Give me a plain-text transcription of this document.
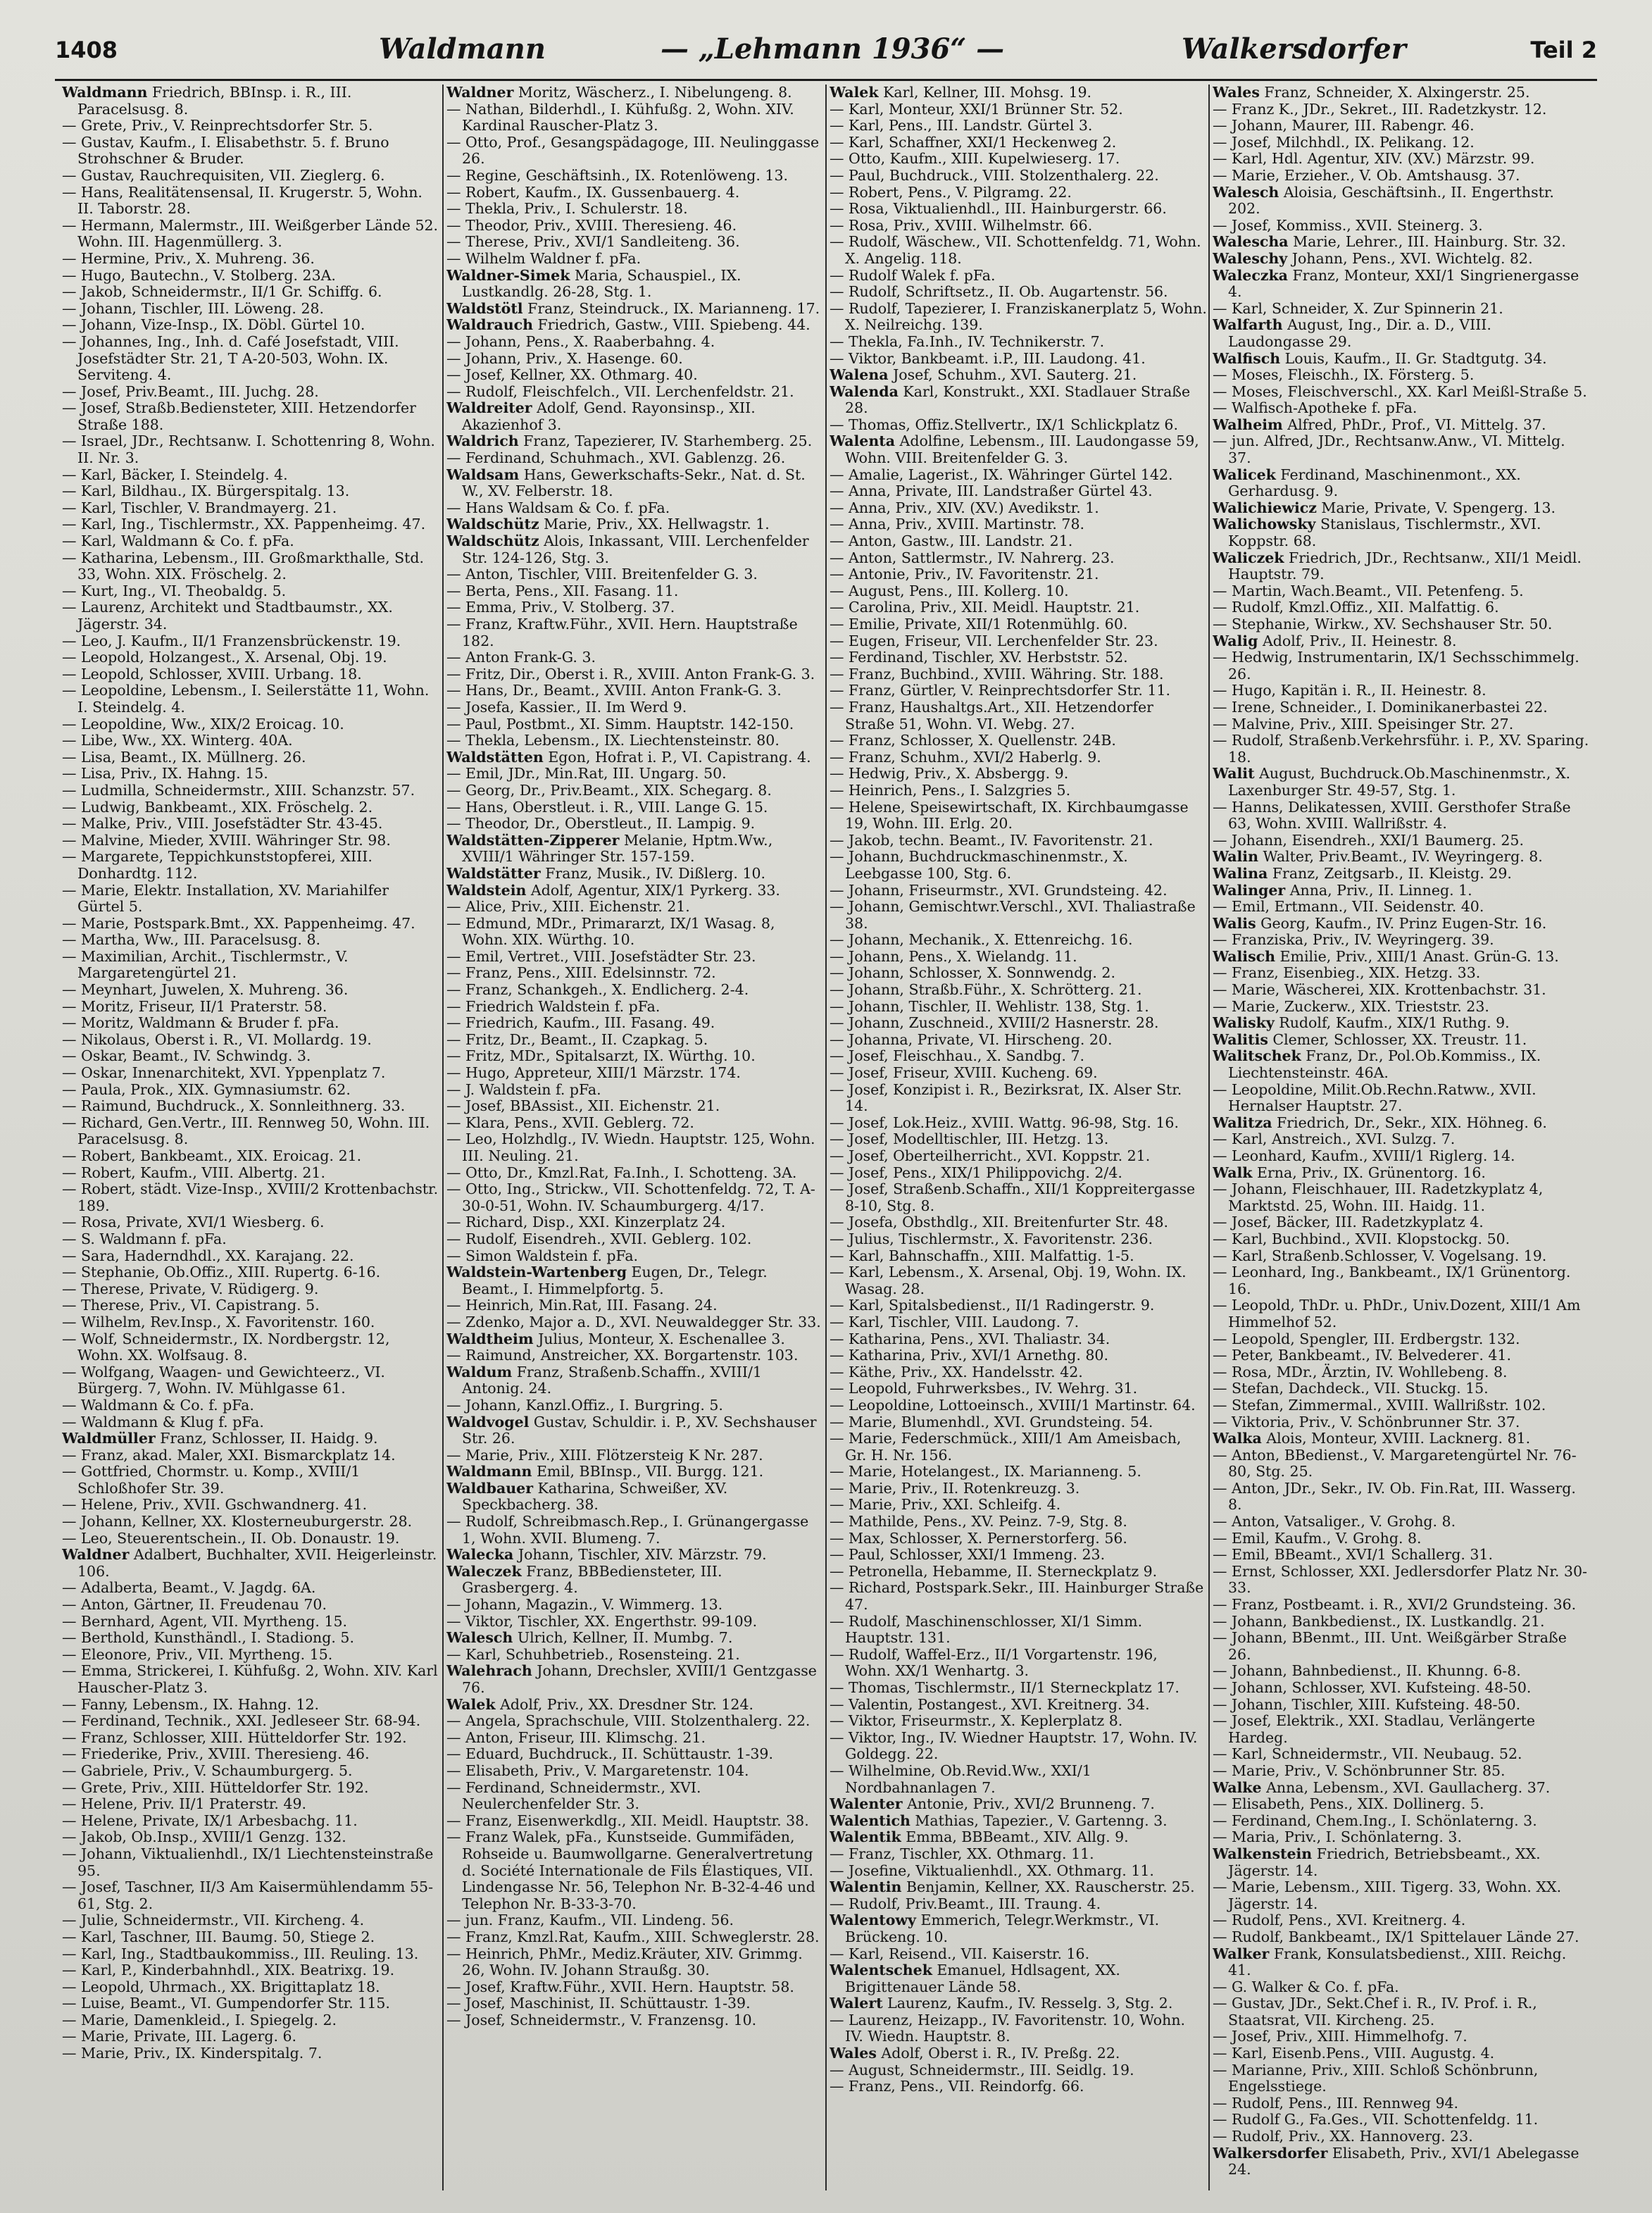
1408	Waldmann	— „Lehmann 1936“ —	Walkersdorfer	Teil 2

Waldmann Friedrich, BBInsp. i. R., III. Paracelsusg. 8.

— Grete, Priv., V. Reinprechtsdorfer Str. 5.

— Gustav, Kaufm., I. Elisabethstr. 5. f. Bruno Strohschner & Bruder.

— Gustav, Rauchrequisiten, VII. Zieglerg. 6.

— Hans, Realitätensensal, II. Krugerstr. 5, Wohn. II. Taborstr. 28.

— Hermann, Malermstr., III. Weißgerber Lände 52. Wohn. III. Hagenmüllerg. 3.

— Hermine, Priv., X. Muhreng. 36.

— Hugo, Bautechn., V. Stolberg. 23A.

— Jakob, Schneidermstr., II/1 Gr. Schiffg. 6.

— Johann, Tischler, III. Löweng. 28.

— Johann, Vize-Insp., IX. Döbl. Gürtel 10.

— Johannes, Ing., Inh. d. Café Josefstadt, VIII. Josefstädter Str. 21, T A-20-503, Wohn. IX. Serviteng. 4.

— Josef, Priv.Beamt., III. Juchg. 28.

— Josef, Straßb.Bediensteter, XIII. Hetzendorfer Straße 188.

— Israel, JDr., Rechtsanw. I. Schottenring 8, Wohn. II. Nr. 3.

— Karl, Bäcker, I. Steindelg. 4.

— Karl, Bildhau., IX. Bürgerspitalg. 13.

— Karl, Tischler, V. Brandmayerg. 21.

— Karl, Ing., Tischlermstr., XX. Pappenheimg. 47.

— Karl, Waldmann & Co. f. pFa.

— Katharina, Lebensm., III. Großmarkthalle, Std. 33, Wohn. XIX. Fröschelg. 2.

— Kurt, Ing., VI. Theobaldg. 5.

— Laurenz, Architekt und Stadtbaumstr., XX. Jägerstr. 34.

— Leo, J. Kaufm., II/1 Franzensbrückenstr. 19.

— Leopold, Holzangest., X. Arsenal, Obj. 19.

— Leopold, Schlosser, XVIII. Urbang. 18.

— Leopoldine, Lebensm., I. Seilerstätte 11, Wohn. I. Steindelg. 4.

— Leopoldine, Ww., XIX/2 Eroicag. 10.

— Libe, Ww., XX. Winterg. 40A.

— Lisa, Beamt., IX. Müllnerg. 26.

— Lisa, Priv., IX. Hahng. 15.

— Ludmilla, Schneidermstr., XIII. Schanzstr. 57.

— Ludwig, Bankbeamt., XIX. Fröschelg. 2.

— Malke, Priv., VIII. Josefstädter Str. 43-45.

— Malvine, Mieder, XVIII. Währinger Str. 98.

— Margarete, Teppichkunststopferei, XIII. Donhardtg. 112.

— Marie, Elektr. Installation, XV. Mariahilfer Gürtel 5.

— Marie, Postspark.Bmt., XX. Pappenheimg. 47.

— Martha, Ww., III. Paracelsusg. 8.

— Maximilian, Archit., Tischlermstr., V. Margaretengürtel 21.

— Meynhart, Juwelen, X. Muhreng. 36.

— Moritz, Friseur, II/1 Praterstr. 58.

— Moritz, Waldmann & Bruder f. pFa.

— Nikolaus, Oberst i. R., VI. Mollardg. 19.

— Oskar, Beamt., IV. Schwindg. 3.

— Oskar, Innenarchitekt, XVI. Yppenplatz 7.

— Paula, Prok., XIX. Gymnasiumstr. 62.

— Raimund, Buchdruck., X. Sonnleithnerg. 33.

— Richard, Gen.Vertr., III. Rennweg 50, Wohn. III. Paracelsusg. 8.

— Robert, Bankbeamt., XIX. Eroicag. 21.

— Robert, Kaufm., VIII. Albertg. 21.

— Robert, städt. Vize-Insp., XVIII/2 Krottenbachstr. 189.

— Rosa, Private, XVI/1 Wiesberg. 6.

— S. Waldmann f. pFa.

— Sara, Haderndhdl., XX. Karajang. 22.

— Stephanie, Ob.Offiz., XIII. Rupertg. 6-16.

— Therese, Private, V. Rüdigerg. 9.

— Therese, Priv., VI. Capistrang. 5.

— Wilhelm, Rev.Insp., X. Favoritenstr. 160.

— Wolf, Schneidermstr., IX. Nordbergstr. 12, Wohn. XX. Wolfsaug. 8.

— Wolfgang, Waagen- und Gewichteerz., VI. Bürgerg. 7, Wohn. IV. Mühlgasse 61.

— Waldmann & Co. f. pFa.

— Waldmann & Klug f. pFa.

Waldmüller Franz, Schlosser, II. Haidg. 9.

— Franz, akad. Maler, XXI. Bismarckplatz 14.

— Gottfried, Chormstr. u. Komp., XVIII/1 Schloßhofer Str. 39.

— Helene, Priv., XVII. Gschwandnerg. 41.

— Johann, Kellner, XX. Klosterneuburgerstr. 28.

— Leo, Steuerentschein., II. Ob. Donaustr. 19.

Waldner Adalbert, Buchhalter, XVII. Heigerleinstr. 106.

— Adalberta, Beamt., V. Jagdg. 6A.

— Anton, Gärtner, II. Freudenau 70.

— Bernhard, Agent, VII. Myrtheng. 15.

— Berthold, Kunsthändl., I. Stadiong. 5.

— Eleonore, Priv., VII. Myrtheng. 15.

— Emma, Strickerei, I. Kühfußg. 2, Wohn. XIV. Karl Hauscher-Platz 3.

— Fanny, Lebensm., IX. Hahng. 12.

— Ferdinand, Technik., XXI. Jedleseer Str. 68-94.

— Franz, Schlosser, XIII. Hütteldorfer Str. 192.

— Friederike, Priv., XVIII. Theresieng. 46.

— Gabriele, Priv., V. Schaumburgerg. 5.

— Grete, Priv., XIII. Hütteldorfer Str. 192.

— Helene, Priv. II/1 Praterstr. 49.

— Helene, Private, IX/1 Arbesbachg. 11.

— Jakob, Ob.Insp., XVIII/1 Genzg. 132.

— Johann, Viktualienhdl., IX/1 Liechtensteinstraße 95.

— Josef, Taschner, II/3 Am Kaisermühlendamm 55-61, Stg. 2.

— Julie, Schneidermstr., VII. Kircheng. 4.

— Karl, Taschner, III. Baumg. 50, Stiege 2.

— Karl, Ing., Stadtbaukommiss., III. Reuling. 13.

— Karl, P., Kinderbahnhdl., XIX. Beatrixg. 19.

— Leopold, Uhrmach., XX. Brigittaplatz 18.

— Luise, Beamt., VI. Gumpendorfer Str. 115.

— Marie, Damenkleid., I. Spiegelg. 2.

— Marie, Private, III. Lagerg. 6.

— Marie, Priv., IX. Kinderspitalg. 7.

Waldner Moritz, Wäscherz., I. Nibelungeng. 8.

— Nathan, Bilderhdl., I. Kühfußg. 2, Wohn. XIV. Kardinal Rauscher-Platz 3.

— Otto, Prof., Gesangspädagoge, III. Neulinggasse 26.

— Regine, Geschäftsinh., IX. Rotenlöweng. 13.

— Robert, Kaufm., IX. Gussenbauerg. 4.

— Thekla, Priv., I. Schulerstr. 18.

— Theodor, Priv., XVIII. Theresieng. 46.

— Therese, Priv., XVI/1 Sandleiteng. 36.

— Wilhelm Waldner f. pFa.

Waldner-Simek Maria, Schauspiel., IX. Lustkandlg. 26-28, Stg. 1.

Waldstötl Franz, Steindruck., IX. Marianneng. 17.

Waldrauch Friedrich, Gastw., VIII. Spiebeng. 44.

— Johann, Pens., X. Raaberbahng. 4.

— Johann, Priv., X. Hasenge. 60.

— Josef, Kellner, XX. Othmarg. 40.

— Rudolf, Fleischfelch., VII. Lerchenfeldstr. 21.

Waldreiter Adolf, Gend. Rayonsinsp., XII. Akazienhof 3.

Waldrich Franz, Tapezierer, IV. Starhemberg. 25.

— Ferdinand, Schuhmach., XVI. Gablenzg. 26.

Waldsam Hans, Gewerkschafts-Sekr., Nat. d. St. W., XV. Felberstr. 18.

— Hans Waldsam & Co. f. pFa.

Waldschütz Marie, Priv., XX. Hellwagstr. 1.

Waldschütz Alois, Inkassant, VIII. Lerchenfelder Str. 124-126, Stg. 3.

— Anton, Tischler, VIII. Breitenfelder G. 3.

— Berta, Pens., XII. Fasang. 11.

— Emma, Priv., V. Stolberg. 37.

— Franz, Kraftw.Führ., XVII. Hern. Hauptstraße 182.

— Anton Frank-G. 3.

— Fritz, Dir., Oberst i. R., XVIII. Anton Frank-G. 3.

— Hans, Dr., Beamt., XVIII. Anton Frank-G. 3.

— Josefa, Kassier., II. Im Werd 9.

— Paul, Postbmt., XI. Simm. Hauptstr. 142-150.

— Thekla, Lebensm., IX. Liechtensteinstr. 80.

Waldstätten Egon, Hofrat i. P., VI. Capistrang. 4.

— Emil, JDr., Min.Rat, III. Ungarg. 50.

— Georg, Dr., Priv.Beamt., XIX. Schegarg. 8.

— Hans, Oberstleut. i. R., VIII. Lange G. 15.

— Theodor, Dr., Oberstleut., II. Lampig. 9.

Waldstätten-Zipperer Melanie, Hptm.Ww., XVIII/1 Währinger Str. 157-159.

Waldstätter Franz, Musik., IV. Dißlerg. 10.

Waldstein Adolf, Agentur, XIX/1 Pyrkerg. 33.

— Alice, Priv., XIII. Eichenstr. 21.

— Edmund, MDr., Primararzt, IX/1 Wasag. 8, Wohn. XIX. Würthg. 10.

— Emil, Vertret., VIII. Josefstädter Str. 23.

— Franz, Pens., XIII. Edelsinnstr. 72.

— Franz, Schankgeh., X. Endlicherg. 2-4.

— Friedrich Waldstein f. pFa.

— Friedrich, Kaufm., III. Fasang. 49.

— Fritz, Dr., Beamt., II. Czapkag. 5.

— Fritz, MDr., Spitalsarzt, IX. Würthg. 10.

— Hugo, Appreteur, XIII/1 Märzstr. 174.

— J. Waldstein f. pFa.

— Josef, BBAssist., XII. Eichenstr. 21.

— Klara, Pens., XVII. Geblerg. 72.

— Leo, Holzhdlg., IV. Wiedn. Hauptstr. 125, Wohn. III. Neuling. 21.

— Otto, Dr., Kmzl.Rat, Fa.Inh., I. Schotteng. 3A.

— Otto, Ing., Strickw., VII. Schottenfeldg. 72, T. A-30-0-51, Wohn. IV. Schaumburgerg. 4/17.

— Richard, Disp., XXI. Kinzerplatz 24.

— Rudolf, Eisendreh., XVII. Geblerg. 102.

— Simon Waldstein f. pFa.

Waldstein-Wartenberg Eugen, Dr., Telegr. Beamt., I. Himmelpfortg. 5.

— Heinrich, Min.Rat, III. Fasang. 24.

— Zdenko, Major a. D., XVI. Neuwaldegger Str. 33.

Waldtheim Julius, Monteur, X. Eschenallee 3.

— Raimund, Anstreicher, XX. Borgartenstr. 103.

Waldum Franz, Straßenb.Schaffn., XVIII/1 Antonig. 24.

— Johann, Kanzl.Offiz., I. Burgring. 5.

Waldvogel Gustav, Schuldir. i. P., XV. Sechshauser Str. 26.

— Marie, Priv., XIII. Flötzersteig K Nr. 287.

Waldmann Emil, BBInsp., VII. Burgg. 121.

Waldbauer Katharina, Schweißer, XV. Speckbacherg. 38.

— Rudolf, Schreibmasch.Rep., I. Grünangergasse 1, Wohn. XVII. Blumeng. 7.

Walecka Johann, Tischler, XIV. Märzstr. 79.

Waleczek Franz, BBBediensteter, III. Grasbergerg. 4.

— Johann, Magazin., V. Wimmerg. 13.

— Viktor, Tischler, XX. Engerthstr. 99-109.

Walesch Ulrich, Kellner, II. Mumbg. 7.

— Karl, Schuhbetrieb., Rosensteing. 21.

Walehrach Johann, Drechsler, XVIII/1 Gentzgasse 76.

Walek Adolf, Priv., XX. Dresdner Str. 124.

— Angela, Sprachschule, VIII. Stolzenthalerg. 22.

— Anton, Friseur, III. Klimschg. 21.

— Eduard, Buchdruck., II. Schüttaustr. 1-39.

— Elisabeth, Priv., V. Margaretenstr. 104.

— Ferdinand, Schneidermstr., XVI. Neulerchenfelder Str. 3.

— Franz, Eisenwerkdlg., XII. Meidl. Hauptstr. 38.

— Franz Walek, pFa., Kunstseide. Gummifäden, Rohseide u. Baumwollgarne. Generalvertretung d. Société Internationale de Fils Élastiques, VII. Lindengasse Nr. 56, Telephon Nr. B-32-4-46 und Telephon Nr. B-33-3-70.

— jun. Franz, Kaufm., VII. Lindeng. 56.

— Franz, Kmzl.Rat, Kaufm., XIII. Schweglerstr. 28.

— Heinrich, PhMr., Mediz.Kräuter, XIV. Grimmg. 26, Wohn. IV. Johann Straußg. 30.

— Josef, Kraftw.Führ., XVII. Hern. Hauptstr. 58.

— Josef, Maschinist, II. Schüttaustr. 1-39.

— Josef, Schneidermstr., V. Franzensg. 10.

Walek Karl, Kellner, III. Mohsg. 19.

— Karl, Monteur, XXI/1 Brünner Str. 52.

— Karl, Pens., III. Landstr. Gürtel 3.

— Karl, Schaffner, XXI/1 Heckenweg 2.

— Otto, Kaufm., XIII. Kupelwieserg. 17.

— Paul, Buchdruck., VIII. Stolzenthalerg. 22.

— Robert, Pens., V. Pilgramg. 22.

— Rosa, Viktualienhdl., III. Hainburgerstr. 66.

— Rosa, Priv., XVIII. Wilhelmstr. 66.

— Rudolf, Wäschew., VII. Schottenfeldg. 71, Wohn. X. Angelig. 118.

— Rudolf Walek f. pFa.

— Rudolf, Schriftsetz., II. Ob. Augartenstr. 56.

— Rudolf, Tapezierer, I. Franziskanerplatz 5, Wohn. X. Neilreichg. 139.

— Thekla, Fa.Inh., IV. Technikerstr. 7.

— Viktor, Bankbeamt. i.P., III. Laudong. 41.

Walena Josef, Schuhm., XVI. Sauterg. 21.

Walenda Karl, Konstrukt., XXI. Stadlauer Straße 28.

— Thomas, Offiz.Stellvertr., IX/1 Schlickplatz 6.

Walenta Adolfine, Lebensm., III. Laudongasse 59, Wohn. VIII. Breitenfelder G. 3.

— Amalie, Lagerist., IX. Währinger Gürtel 142.

— Anna, Private, III. Landstraßer Gürtel 43.

— Anna, Priv., XIV. (XV.) Avedikstr. 1.

— Anna, Priv., XVIII. Martinstr. 78.

— Anton, Gastw., III. Landstr. 21.

— Anton, Sattlermstr., IV. Nahrerg. 23.

— Antonie, Priv., IV. Favoritenstr. 21.

— August, Pens., III. Kollerg. 10.

— Carolina, Priv., XII. Meidl. Hauptstr. 21.

— Emilie, Private, XII/1 Rotenmühlg. 60.

— Eugen, Friseur, VII. Lerchenfelder Str. 23.

— Ferdinand, Tischler, XV. Herbststr. 52.

— Franz, Buchbind., XVIII. Währing. Str. 188.

— Franz, Gürtler, V. Reinprechtsdorfer Str. 11.

— Franz, Haushaltgs.Art., XII. Hetzendorfer Straße 51, Wohn. VI. Webg. 27.

— Franz, Schlosser, X. Quellenstr. 24B.

— Franz, Schuhm., XVI/2 Haberlg. 9.

— Hedwig, Priv., X. Absbergg. 9.

— Heinrich, Pens., I. Salzgries 5.

— Helene, Speisewirtschaft, IX. Kirchbaumgasse 19, Wohn. III. Erlg. 20.

— Jakob, techn. Beamt., IV. Favoritenstr. 21.

— Johann, Buchdruckmaschinenmstr., X. Leebgasse 100, Stg. 6.

— Johann, Friseurmstr., XVI. Grundsteing. 42.

— Johann, Gemischtwr.Verschl., XVI. Thaliastraße 38.

— Johann, Mechanik., X. Ettenreichg. 16.

— Johann, Pens., X. Wielandg. 11.

— Johann, Schlosser, X. Sonnwendg. 2.

— Johann, Straßb.Führ., X. Schrötterg. 21.

— Johann, Tischler, II. Wehlistr. 138, Stg. 1.

— Johann, Zuschneid., XVIII/2 Hasnerstr. 28.

— Johanna, Private, VI. Hirscheng. 20.

— Josef, Fleischhau., X. Sandbg. 7.

— Josef, Friseur, XVIII. Kucheng. 69.

— Josef, Konzipist i. R., Bezirksrat, IX. Alser Str. 14.

— Josef, Lok.Heiz., XVIII. Wattg. 96-98, Stg. 16.

— Josef, Modelltischler, III. Hetzg. 13.

— Josef, Oberteilherricht., XVI. Koppstr. 21.

— Josef, Pens., XIX/1 Philippovichg. 2/4.

— Josef, Straßenb.Schaffn., XII/1 Koppreitergasse 8-10, Stg. 8.

— Josefa, Obsthdlg., XII. Breitenfurter Str. 48.

— Julius, Tischlermstr., X. Favoritenstr. 236.

— Karl, Bahnschaffn., XIII. Malfattig. 1-5.

— Karl, Lebensm., X. Arsenal, Obj. 19, Wohn. IX. Wasag. 28.

— Karl, Spitalsbedienst., II/1 Radingerstr. 9.

— Karl, Tischler, VIII. Laudong. 7.

— Katharina, Pens., XVI. Thaliastr. 34.

— Katharina, Priv., XVI/1 Arnethg. 80.

— Käthe, Priv., XX. Handelsstr. 42.

— Leopold, Fuhrwerksbes., IV. Wehrg. 31.

— Leopoldine, Lottoeinsch., XVIII/1 Martinstr. 64.

— Marie, Blumenhdl., XVI. Grundsteing. 54.

— Marie, Federschmück., XIII/1 Am Ameisbach, Gr. H. Nr. 156.

— Marie, Hotelangest., IX. Marianneng. 5.

— Marie, Priv., II. Rotenkreuzg. 3.

— Marie, Priv., XXI. Schleifg. 4.

— Mathilde, Pens., XV. Peinz. 7-9, Stg. 8.

— Max, Schlosser, X. Pernerstorferg. 56.

— Paul, Schlosser, XXI/1 Immeng. 23.

— Petronella, Hebamme, II. Sterneckplatz 9.

— Richard, Postspark.Sekr., III. Hainburger Straße 47.

— Rudolf, Maschinenschlosser, XI/1 Simm. Hauptstr. 131.

— Rudolf, Waffel-Erz., II/1 Vorgartenstr. 196, Wohn. XX/1 Wenhartg. 3.

— Thomas, Tischlermstr., II/1 Sterneckplatz 17.

— Valentin, Postangest., XVI. Kreitnerg. 34.

— Viktor, Friseurmstr., X. Keplerplatz 8.

— Viktor, Ing., IV. Wiedner Hauptstr. 17, Wohn. IV. Goldegg. 22.

— Wilhelmine, Ob.Revid.Ww., XXI/1 Nordbahnanlagen 7.

Walenter Antonie, Priv., XVI/2 Brunneng. 7.

Walentich Mathias, Tapezier., V. Gartenng. 3.

Walentik Emma, BBBeamt., XIV. Allg. 9.

— Franz, Tischler, XX. Othmarg. 11.

— Josefine, Viktualienhdl., XX. Othmarg. 11.

Walentin Benjamin, Kellner, XX. Rauscherstr. 25.

— Rudolf, Priv.Beamt., III. Traung. 4.

Walentowy Emmerich, Telegr.Werkmstr., VI. Brückeng. 10.

— Karl, Reisend., VII. Kaiserstr. 16.

Walentschek Emanuel, Hdlsagent, XX. Brigittenauer Lände 58.

Walert Laurenz, Kaufm., IV. Resselg. 3, Stg. 2.

— Laurenz, Heizapp., IV. Favoritenstr. 10, Wohn. IV. Wiedn. Hauptstr. 8.

Wales Adolf, Oberst i. R., IV. Preßg. 22.

— August, Schneidermstr., III. Seidlg. 19.

— Franz, Pens., VII. Reindorfg. 66.

Wales Franz, Schneider, X. Alxingerstr. 25.

— Franz K., JDr., Sekret., III. Radetzkystr. 12.

— Johann, Maurer, III. Rabengr. 46.

— Josef, Milchhdl., IX. Pelikang. 12.

— Karl, Hdl. Agentur, XIV. (XV.) Märzstr. 99.

— Marie, Erzieher., V. Ob. Amtshausg. 37.

Walesch Aloisia, Geschäftsinh., II. Engerthstr. 202.

— Josef, Kommiss., XVII. Steinerg. 3.

Walescha Marie, Lehrer., III. Hainburg. Str. 32.

Waleschy Johann, Pens., XVI. Wichtelg. 82.

Waleczka Franz, Monteur, XXI/1 Singrienergasse 4.

— Karl, Schneider, X. Zur Spinnerin 21.

Walfarth August, Ing., Dir. a. D., VIII. Laudongasse 29.

Walfisch Louis, Kaufm., II. Gr. Stadtgutg. 34.

— Moses, Fleischh., IX. Försterg. 5.

— Moses, Fleischverschl., XX. Karl Meißl-Straße 5.

— Walfisch-Apotheke f. pFa.

Walheim Alfred, PhDr., Prof., VI. Mittelg. 37.

— jun. Alfred, JDr., Rechtsanw.Anw., VI. Mittelg. 37.

Walicek Ferdinand, Maschinenmont., XX. Gerhardusg. 9.

Walichiewicz Marie, Private, V. Spengerg. 13.

Walichowsky Stanislaus, Tischlermstr., XVI. Koppstr. 68.

Waliczek Friedrich, JDr., Rechtsanw., XII/1 Meidl. Hauptstr. 79.

— Martin, Wach.Beamt., VII. Petenfeng. 5.

— Rudolf, Kmzl.Offiz., XII. Malfattig. 6.

— Stephanie, Wirkw., XV. Sechshauser Str. 50.

Walig Adolf, Priv., II. Heinestr. 8.

— Hedwig, Instrumentarin, IX/1 Sechsschimmelg. 26.

— Hugo, Kapitän i. R., II. Heinestr. 8.

— Irene, Schneider., I. Dominikanerbastei 22.

— Malvine, Priv., XIII. Speisinger Str. 27.

— Rudolf, Straßenb.Verkehrsführ. i. P., XV. Sparing. 18.

Walit August, Buchdruck.Ob.Maschinenmstr., X. Laxenburger Str. 49-57, Stg. 1.

— Hanns, Delikatessen, XVIII. Gersthofer Straße 63, Wohn. XVIII. Wallrißstr. 4.

— Johann, Eisendreh., XXI/1 Baumerg. 25.

Walin Walter, Priv.Beamt., IV. Weyringerg. 8.

Walina Franz, Zeitgsarb., II. Kleistg. 29.

Walinger Anna, Priv., II. Linneg. 1.

— Emil, Ertmann., VII. Seidenstr. 40.

Walis Georg, Kaufm., IV. Prinz Eugen-Str. 16.

— Franziska, Priv., IV. Weyringerg. 39.

Walisch Emilie, Priv., XIII/1 Anast. Grün-G. 13.

— Franz, Eisenbieg., XIX. Hetzg. 33.

— Marie, Wäscherei, XIX. Krottenbachstr. 31.

— Marie, Zuckerw., XIX. Trieststr. 23.

Walisky Rudolf, Kaufm., XIX/1 Ruthg. 9.

Walitis Clemer, Schlosser, XX. Treustr. 11.

Walitschek Franz, Dr., Pol.Ob.Kommiss., IX. Liechtensteinstr. 46A.

— Leopoldine, Milit.Ob.Rechn.Ratww., XVII. Hernalser Hauptstr. 27.

Walitza Friedrich, Dr., Sekr., XIX. Höhneg. 6.

— Karl, Anstreich., XVI. Sulzg. 7.

— Leonhard, Kaufm., XVIII/1 Riglerg. 14.

Walk Erna, Priv., IX. Grünentorg. 16.

— Johann, Fleischhauer, III. Radetzkyplatz 4, Marktstd. 25, Wohn. III. Haidg. 11.

— Josef, Bäcker, III. Radetzkyplatz 4.

— Karl, Buchbind., XVII. Klopstockg. 50.

— Karl, Straßenb.Schlosser, V. Vogelsang. 19.

— Leonhard, Ing., Bankbeamt., IX/1 Grünentorg. 16.

— Leopold, ThDr. u. PhDr., Univ.Dozent, XIII/1 Am Himmelhof 52.

— Leopold, Spengler, III. Erdbergstr. 132.

— Peter, Bankbeamt., IV. Belvederег. 41.

— Rosa, MDr., Ärztin, IV. Wohllebeng. 8.

— Stefan, Dachdeck., VII. Stuckg. 15.

— Stefan, Zimmermal., XVIII. Wallrißstr. 102.

— Viktoria, Priv., V. Schönbrunner Str. 37.

Walka Alois, Monteur, XVIII. Lacknerg. 81.

— Anton, BBedienst., V. Margaretengürtel Nr. 76-80, Stg. 25.

— Anton, JDr., Sekr., IV. Ob. Fin.Rat, III. Wasserg. 8.

— Anton, Vatsaliger., V. Grohg. 8.

— Emil, Kaufm., V. Grohg. 8.

— Emil, BBeamt., XVI/1 Schallerg. 31.

— Ernst, Schlosser, XXI. Jedlersdorfer Platz Nr. 30-33.

— Franz, Postbeamt. i. R., XVI/2 Grundsteing. 36.

— Johann, Bankbedienst., IX. Lustkandlg. 21.

— Johann, BBenmt., III. Unt. Weißgärber Straße 26.

— Johann, Bahnbedienst., II. Khunng. 6-8.

— Johann, Schlosser, XVI. Kufsteing. 48-50.

— Johann, Tischler, XIII. Kufsteing. 48-50.

— Josef, Elektrik., XXI. Stadlau, Verlängerte Hardeg.

— Karl, Schneidermstr., VII. Neubaug. 52.

— Marie, Priv., V. Schönbrunner Str. 85.

Walke Anna, Lebensm., XVI. Gaullacherg. 37.

— Elisabeth, Pens., XIX. Dollinerg. 5.

— Ferdinand, Chem.Ing., I. Schönlaterng. 3.

— Maria, Priv., I. Schönlaterng. 3.

Walkenstein Friedrich, Betriebsbeamt., XX. Jägerstr. 14.

— Marie, Lebensm., XIII. Tigerg. 33, Wohn. XX. Jägerstr. 14.

— Rudolf, Pens., XVI. Kreitnerg. 4.

— Rudolf, Bankbeamt., IX/1 Spittelauer Lände 27.

Walker Frank, Konsulatsbedienst., XIII. Reichg. 41.

— G. Walker & Co. f. pFa.

— Gustav, JDr., Sekt.Chef i. R., IV. Prof. i. R., Staatsrat, VII. Kircheng. 25.

— Josef, Priv., XIII. Himmelhofg. 7.

— Karl, Eisenb.Pens., VIII. Augustg. 4.

— Marianne, Priv., XIII. Schloß Schönbrunn, Engelsstiege.

— Rudolf, Pens., III. Rennweg 94.

— Rudolf G., Fa.Ges., VII. Schottenfeldg. 11.

— Rudolf, Priv., XX. Hannoverg. 23.

Walkersdorfer Elisabeth, Priv., XVI/1 Abelegasse 24.
